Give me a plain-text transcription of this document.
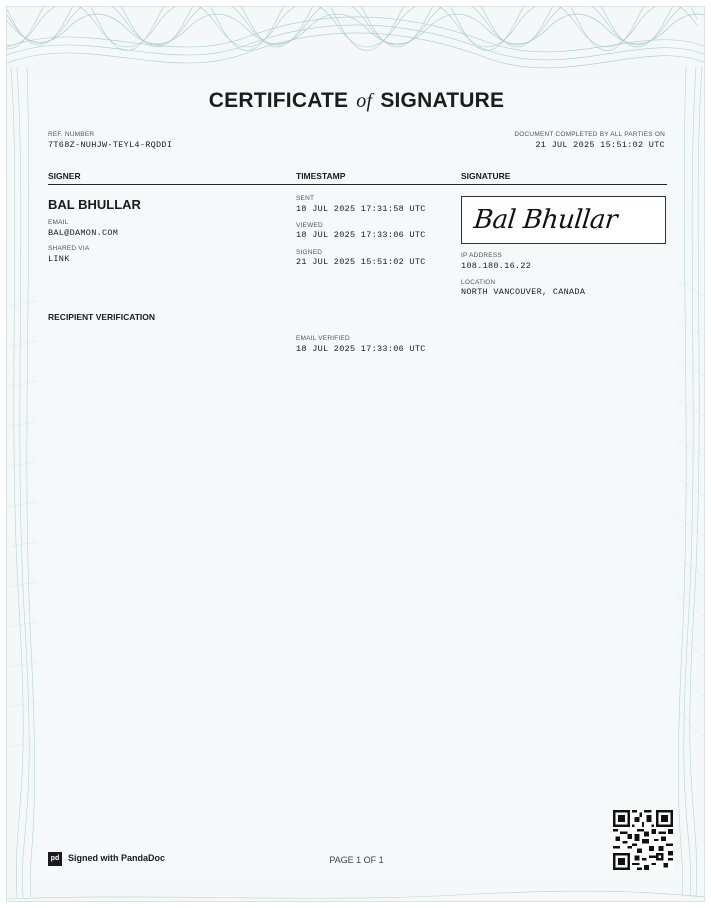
CERTIFICATE of SIGNATURE
REF. NUMBER
7T68Z-NUHJW-TEYL4-RQDDI
DOCUMENT COMPLETED BY ALL PARTIES ON
21 JUL 2025 15:51:02 UTC
SIGNER	TIMESTAMP	SIGNATURE
BAL BHULLAR
EMAIL
BAL@DAMON.COM
SHARED VIA
LINK
SENT
18 JUL 2025 17:31:58 UTC
VIEWED
18 JUL 2025 17:33:06 UTC
SIGNED
21 JUL 2025 15:51:02 UTC
Bal Bhullar
IP ADDRESS
108.180.16.22
LOCATION
NORTH VANCOUVER, CANADA
RECIPIENT VERIFICATION
EMAIL VERIFIED
18 JUL 2025 17:33:06 UTC
pd Signed with PandaDoc	PAGE 1 OF 1
